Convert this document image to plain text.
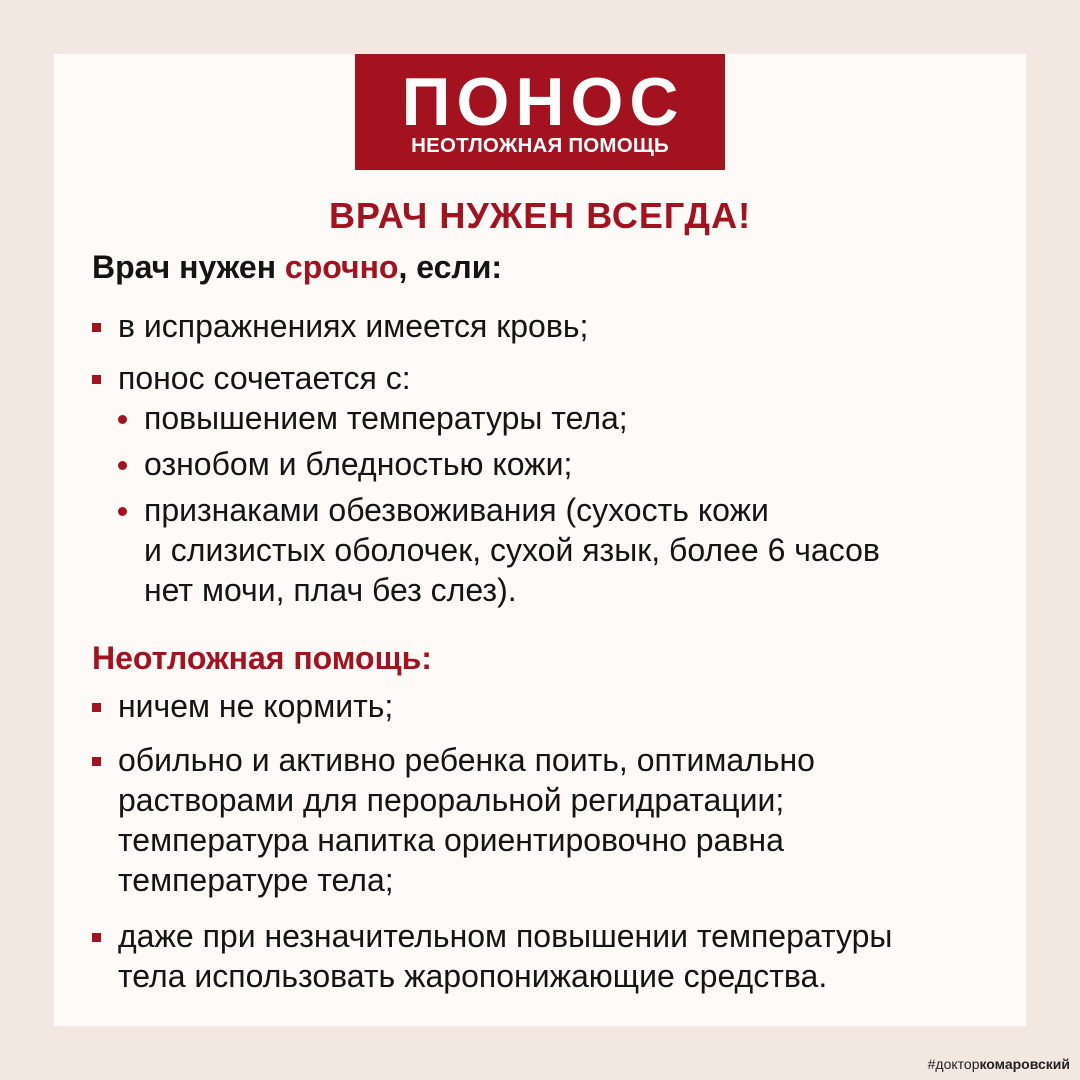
ПОНОС
НЕОТЛОЖНАЯ ПОМОЩЬ
ВРАЧ НУЖЕН ВСЕГДА!
Врач нужен срочно, если:
в испражнениях имеется кровь;
понос сочетается с:
повышением температуры тела;
ознобом и бледностью кожи;
признаками обезвоживания (сухость кожи
и слизистых оболочек, сухой язык, более 6 часов
нет мочи, плач без слез).
Неотложная помощь:
ничем не кормить;
обильно и активно ребенка поить, оптимально
растворами для пероральной регидратации;
температура напитка ориентировочно равна
температуре тела;
даже при незначительном повышении температуры
тела использовать жаропонижающие средства.
#докторкомаровский
